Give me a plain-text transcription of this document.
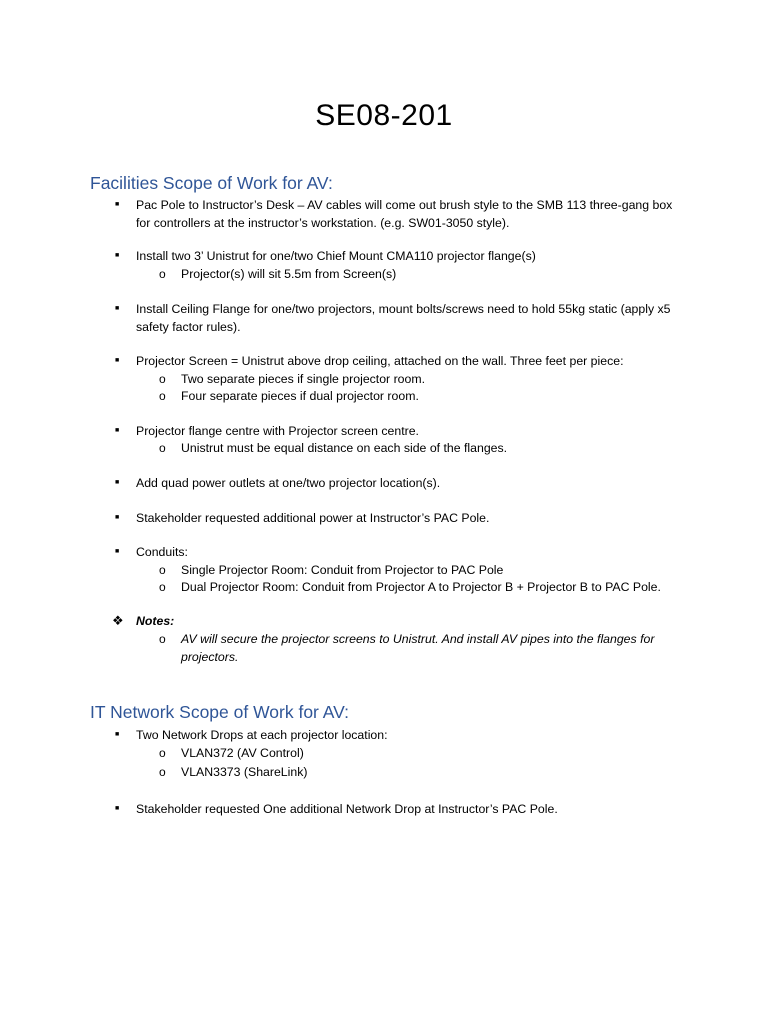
SE08-201
Facilities Scope of Work for AV:
■ Pac Pole to Instructor’s Desk – AV cables will come out brush style to the SMB 113 three-gang box for controllers at the instructor’s workstation. (e.g. SW01-3050 style).
■ Install two 3’ Unistrut for one/two Chief Mount CMA110 projector flange(s)
o Projector(s) will sit 5.5m from Screen(s)
■ Install Ceiling Flange for one/two projectors, mount bolts/screws need to hold 55kg static (apply x5 safety factor rules).
■ Projector Screen = Unistrut above drop ceiling, attached on the wall. Three feet per piece:
o Two separate pieces if single projector room.
o Four separate pieces if dual projector room.
■ Projector flange centre with Projector screen centre.
o Unistrut must be equal distance on each side of the flanges.
■ Add quad power outlets at one/two projector location(s).
■ Stakeholder requested additional power at Instructor’s PAC Pole.
■ Conduits:
o Single Projector Room: Conduit from Projector to PAC Pole
o Dual Projector Room: Conduit from Projector A to Projector B + Projector B to PAC Pole.
❖ Notes:
o AV will secure the projector screens to Unistrut. And install AV pipes into the flanges for projectors.
IT Network Scope of Work for AV:
■ Two Network Drops at each projector location:
o VLAN372 (AV Control)
o VLAN3373 (ShareLink)
■ Stakeholder requested One additional Network Drop at Instructor’s PAC Pole.
